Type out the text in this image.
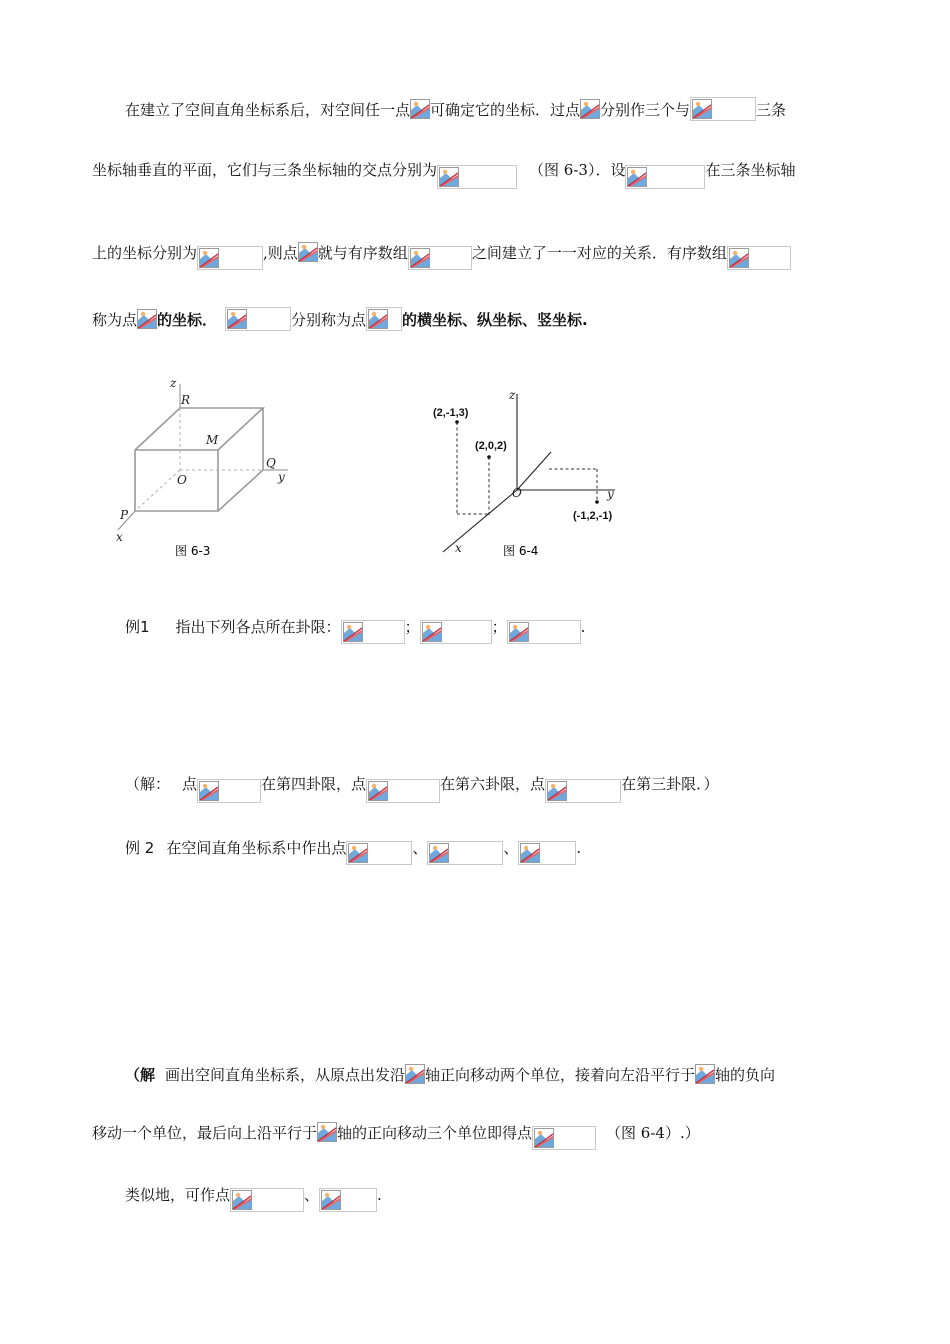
在建立了空间直角坐标系后，对空间任一点 可确定它的坐标．过点 分别作三个与	三条
坐标轴垂直的平面，它们与三条坐标轴的交点分别为	（图 6-3）．设	在三条坐标轴
上的坐标分别为	,则点 就与有序数组	之间建立了一一对应的关系．有序数组
称为点 的坐标．	分别称为点 的横坐标、纵坐标、竖坐标.
z
R
M
Q
y
O
P
x
图 6-3
z
y
x
O
(2,-1,3)
(2,0,2)
(-1,2,-1)
图 6-4
例1 指出下列各点所在卦限：	；	；	.
（解： 点	在第四卦限，点	在第六卦限，点	在第三卦限．）
例 2 在空间直角坐标系中作出点	、	、	.
（解 画出空间直角坐标系，从原点出发沿 轴正向移动两个单位，接着向左沿平行于 轴的负向
移动一个单位，最后向上沿平行于 轴的正向移动三个单位即得点	（图 6-4）.）
类似地，可作点	、	.
